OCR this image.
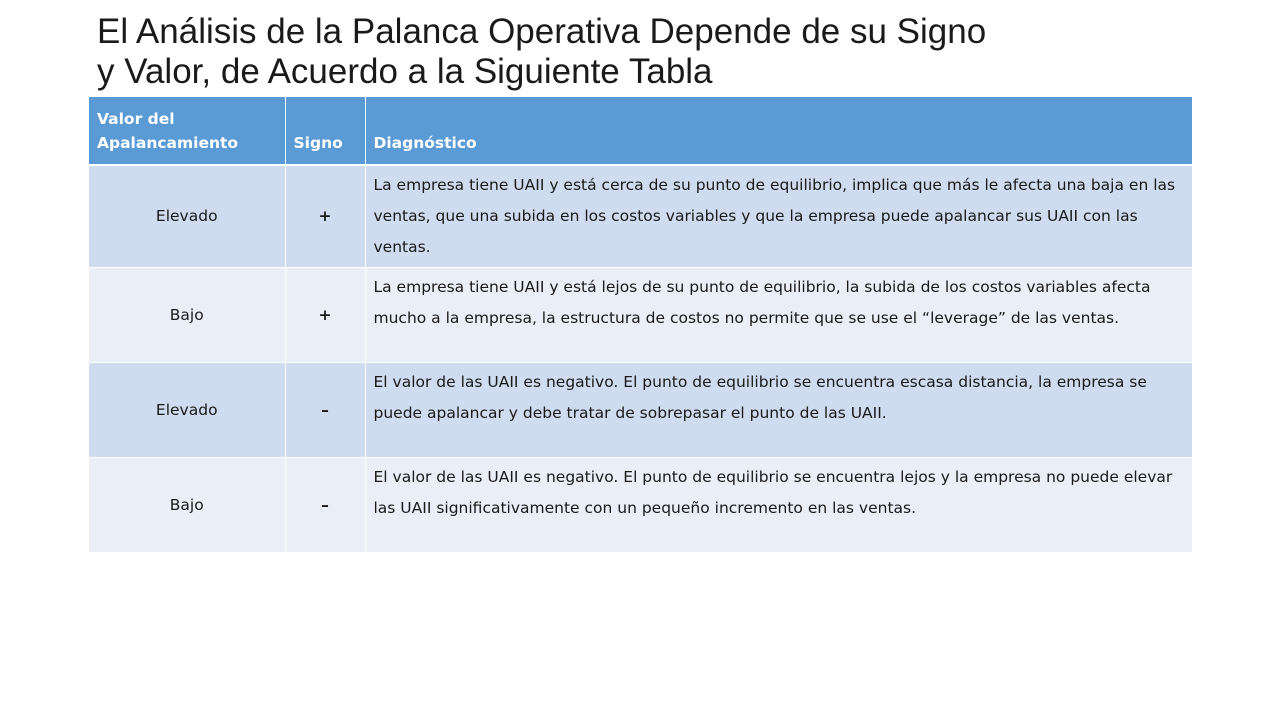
El Análisis de la Palanca Operativa Depende de su Signo
y Valor, de Acuerdo a la Siguiente Tabla
Valor del
Apalancamiento	Signo	Diagnóstico
Elevado	+	La empresa tiene UAII y está cerca de su punto de equilibrio, implica que más le afecta una baja en las ventas, que una subida en los costos variables y que la empresa puede apalancar sus UAII con las ventas.
Bajo	+	La empresa tiene UAII y está lejos de su punto de equilibrio, la subida de los costos variables afecta mucho a la empresa, la estructura de costos no permite que se use el “leverage” de las ventas.
Elevado	–	El valor de las UAII es negativo. El punto de equilibrio se encuentra escasa distancia, la empresa se puede apalancar y debe tratar de sobrepasar el punto de las UAII.
Bajo	–	El valor de las UAII es negativo. El punto de equilibrio se encuentra lejos y la empresa no puede elevar las UAII significativamente con un pequeño incremento en las ventas.
